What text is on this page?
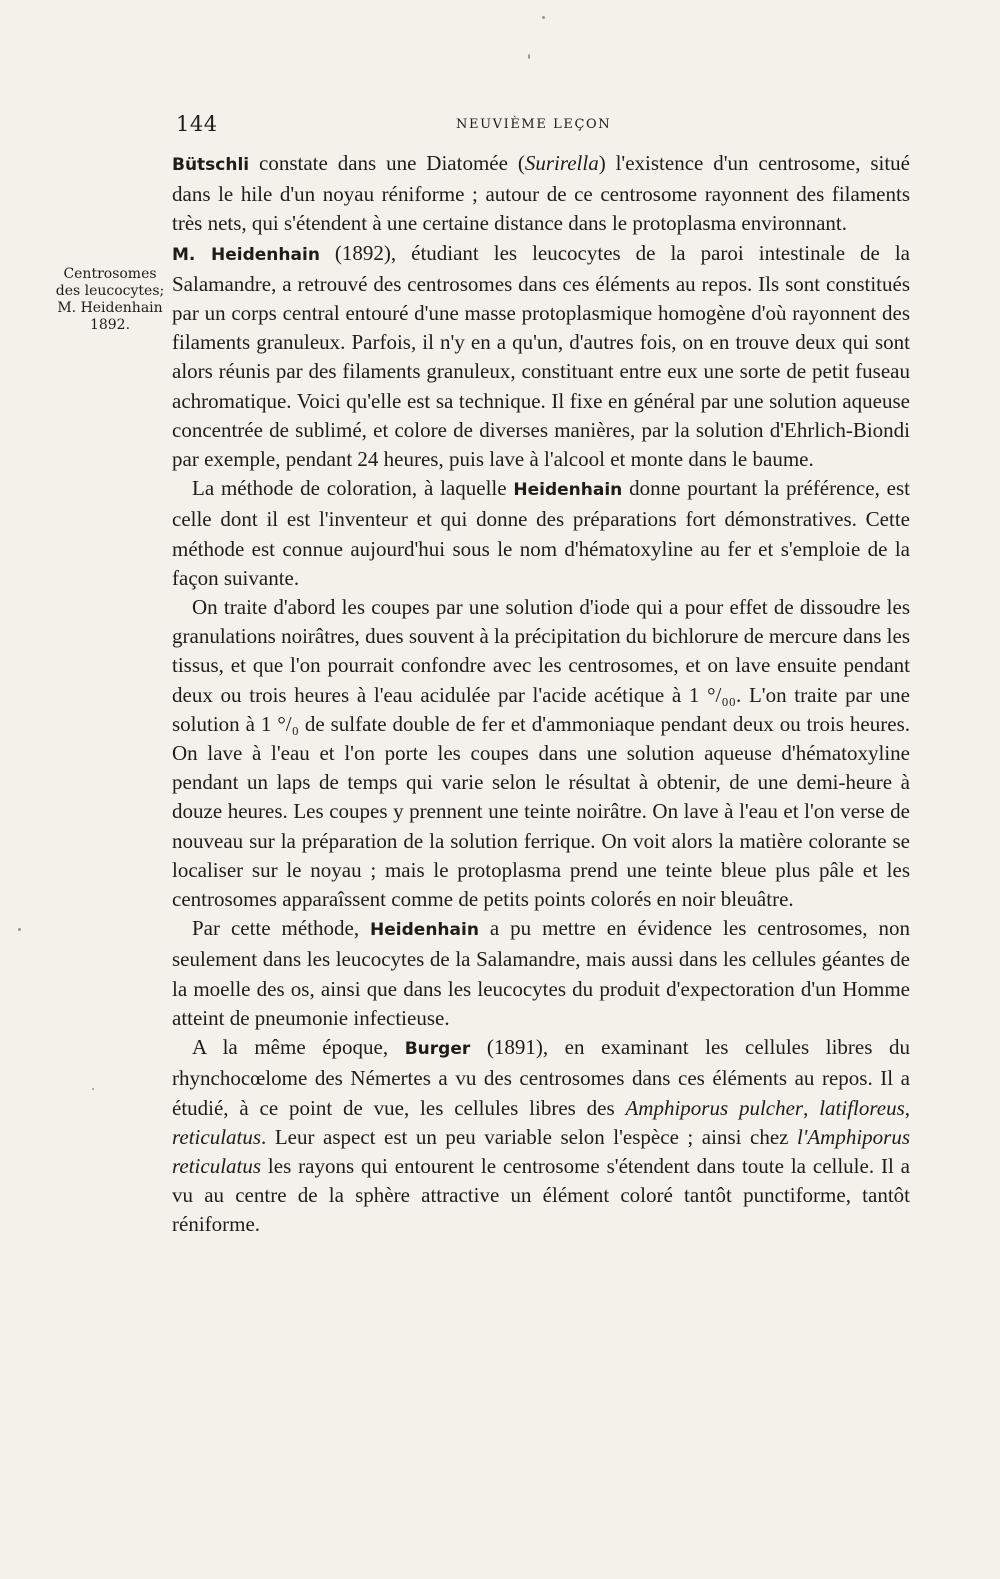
144	NEUVIÈME LEÇON
Centrosomes
des leucocytes;
M. Heidenhain
1892.

Bütschli constate dans une Diatomée (Surirella) l'existence d'un centrosome, situé dans le hile d'un noyau réniforme ; autour de ce centrosome rayonnent des filaments très nets, qui s'étendent à une certaine distance dans le protoplasma environnant.

M. Heidenhain (1892), étudiant les leucocytes de la paroi intestinale de la Salamandre, a retrouvé des centrosomes dans ces éléments au repos. Ils sont constitués par un corps central entouré d'une masse protoplasmique homogène d'où rayonnent des filaments granuleux. Parfois, il n'y en a qu'un, d'autres fois, on en trouve deux qui sont alors réunis par des filaments granuleux, constituant entre eux une sorte de petit fuseau achromatique. Voici qu'elle est sa technique. Il fixe en général par une solution aqueuse concentrée de sublimé, et colore de diverses manières, par la solution d'Ehrlich-Biondi par exemple, pendant 24 heures, puis lave à l'alcool et monte dans le baume.

La méthode de coloration, à laquelle Heidenhain donne pourtant la préférence, est celle dont il est l'inventeur et qui donne des préparations fort démonstratives. Cette méthode est connue aujourd'hui sous le nom d'hématoxyline au fer et s'emploie de la façon suivante.

On traite d'abord les coupes par une solution d'iode qui a pour effet de dissoudre les granulations noirâtres, dues souvent à la précipitation du bichlorure de mercure dans les tissus, et que l'on pourrait confondre avec les centrosomes, et on lave ensuite pendant deux ou trois heures à l'eau acidulée par l'acide acétique à 1 °/₀₀. L'on traite par une solution à 1 °/₀ de sulfate double de fer et d'ammoniaque pendant deux ou trois heures. On lave à l'eau et l'on porte les coupes dans une solution aqueuse d'hématoxyline pendant un laps de temps qui varie selon le résultat à obtenir, de une demi-heure à douze heures. Les coupes y prennent une teinte noirâtre. On lave à l'eau et l'on verse de nouveau sur la préparation de la solution ferrique. On voit alors la matière colorante se localiser sur le noyau ; mais le protoplasma prend une teinte bleue plus pâle et les centrosomes apparaîssent comme de petits points colorés en noir bleuâtre.

Par cette méthode, Heidenhain a pu mettre en évidence les centrosomes, non seulement dans les leucocytes de la Salamandre, mais aussi dans les cellules géantes de la moelle des os, ainsi que dans les leucocytes du produit d'expectoration d'un Homme atteint de pneumonie infectieuse.

A la même époque, Burger (1891), en examinant les cellules libres du rhynchocœlome des Némertes a vu des centrosomes dans ces éléments au repos. Il a étudié, à ce point de vue, les cellules libres des Amphiporus pulcher, latifloreus, reticulatus. Leur aspect est un peu variable selon l'espèce ; ainsi chez l'Amphiporus reticulatus les rayons qui entourent le centrosome s'étendent dans toute la cellule. Il a vu au centre de la sphère attractive un élément coloré tantôt punctiforme, tantôt réniforme.
